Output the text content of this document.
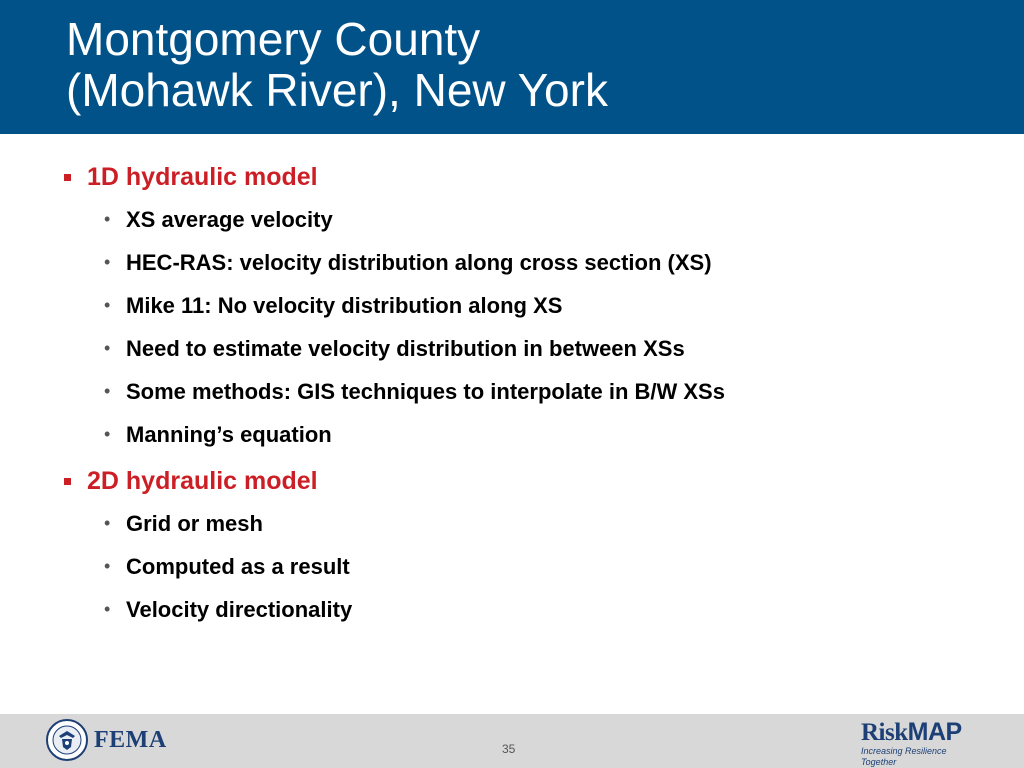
Montgomery County
(Mohawk River), New York
1D hydraulic model
• XS average velocity
• HEC-RAS: velocity distribution along cross section (XS)
• Mike 11: No velocity distribution along XS
• Need to estimate velocity distribution in between XSs
• Some methods: GIS techniques to interpolate in B/W XSs
• Manning’s equation
2D hydraulic model
• Grid or mesh
• Computed as a result
• Velocity directionality
FEMA	35
RiskMAP
Increasing Resilience Together
